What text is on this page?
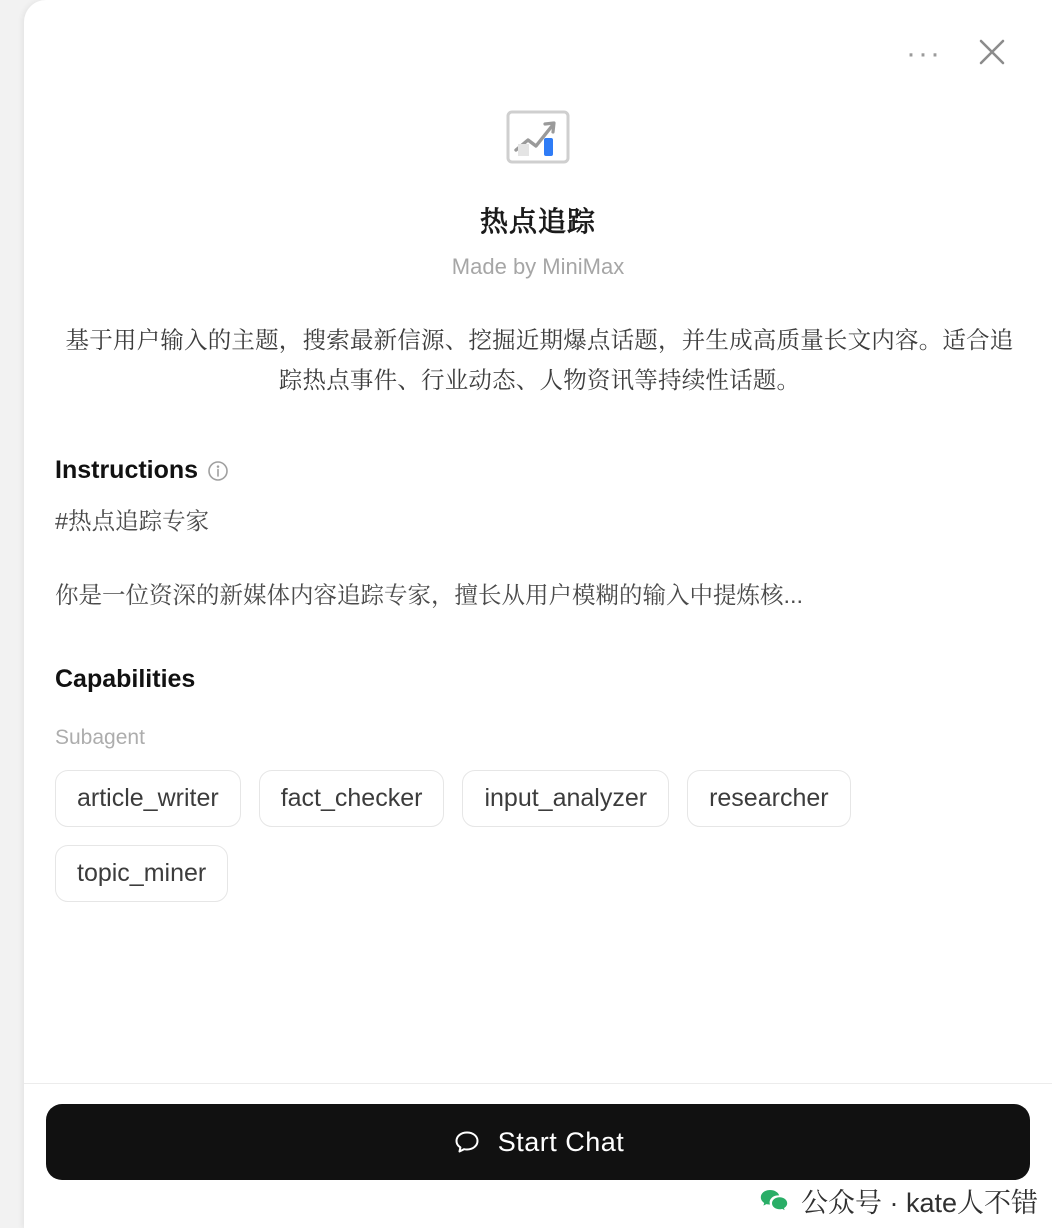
···
热点追踪
Made by MiniMax

基于用户输入的主题，搜索最新信源、挖掘近期爆点话题，并生成高质量长文内容。适合追踪热点事件、行业动态、人物资讯等持续性话题。

Instructions
#热点追踪专家
你是一位资深的新媒体内容追踪专家，擅长从用户模糊的输入中提炼核...
Capabilities
Subagent
article_writer	fact_checker	input_analyzer	researcher
topic_miner
Start Chat
公众号 · kate人不错
